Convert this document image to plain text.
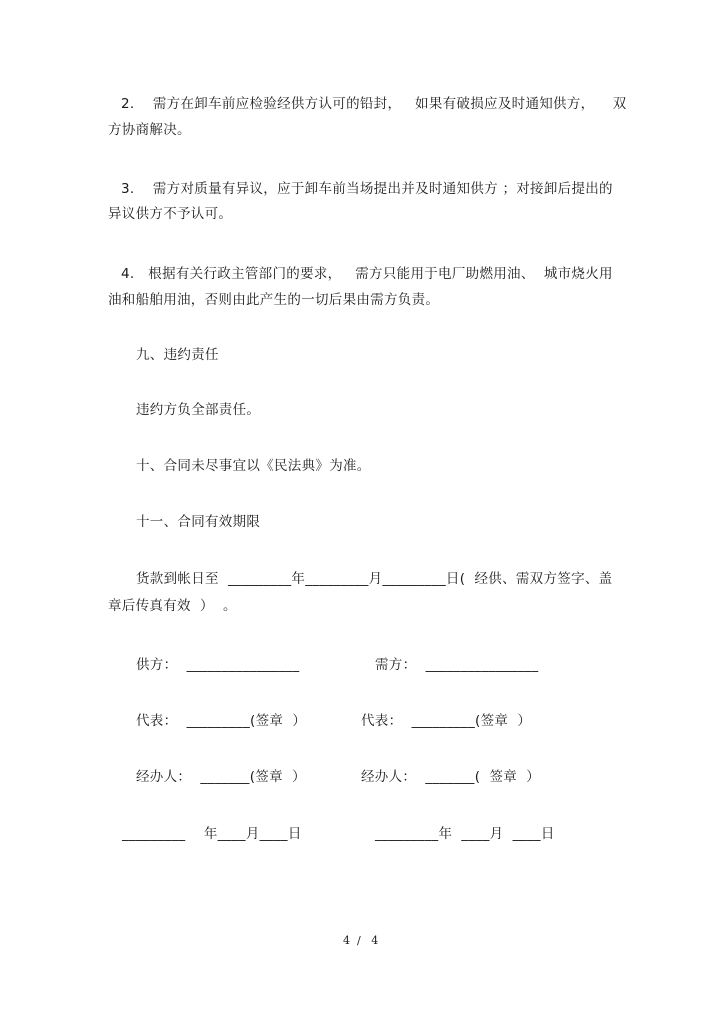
2.　 需方在卸车前应检验经供方认可的铅封，   如果有破损应及时通知供方，    双
方协商解决。
3.　 需方对质量有异议，应于卸车前当场提出并及时通知供方 ；对接卸后提出的
异议供方不予认可。
4.　根据有关行政主管部门的要求，   需方只能用于电厂助燃用油、  城市烧火用
油和船舶用油，否则由此产生的一切后果由需方负责。
九、违约责任
违约方负全部责任。
十、合同未尽事宜以《民法典》为准。
十一、合同有效期限
货款到帐日至  _________年_________月_________日(  经供、需双方签字、盖
章后传真有效  ）  。
供方：  ________________	需方：  ________________
代表：  _________(签章  ）	代表：  _________(签章  ）
经办人：  _______(签章  ）	经办人：  _______(  签章  ）
_________    年____月____日	_________年  ____月  ____日
4  /   4
